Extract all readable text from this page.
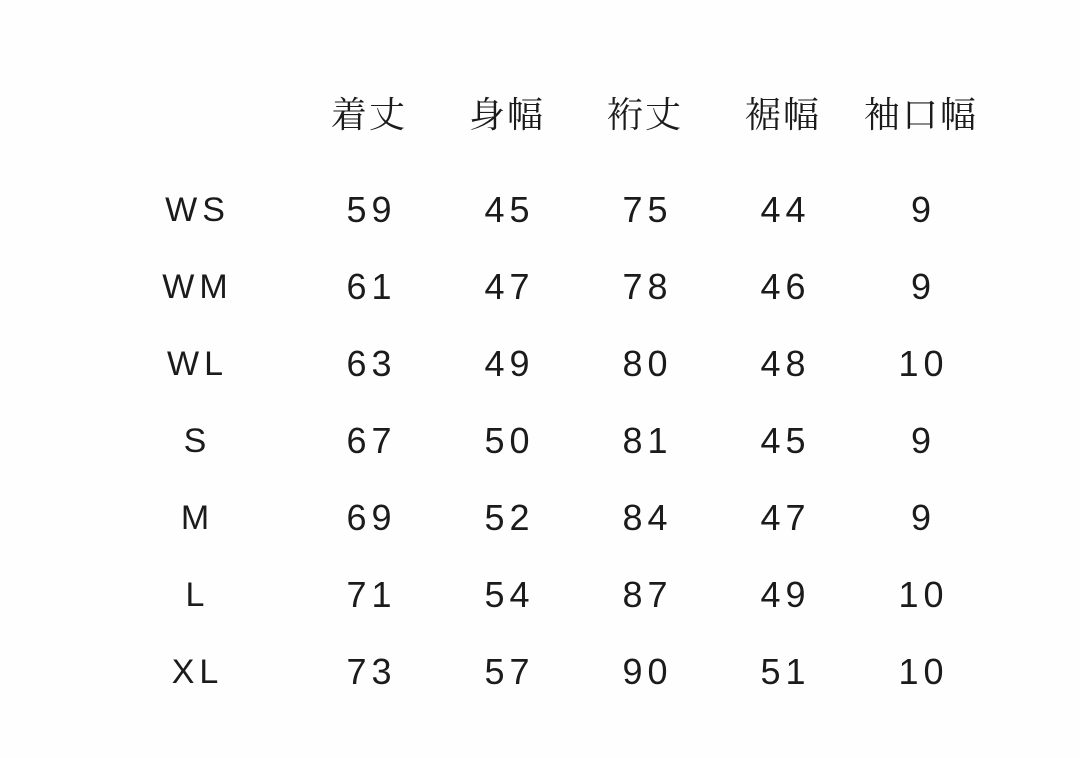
	着丈	身幅	裄丈	裾幅	袖口幅
WS	59	45	75	44	9
WM	61	47	78	46	9
WL	63	49	80	48	10
S	67	50	81	45	9
M	69	52	84	47	9
L	71	54	87	49	10
XL	73	57	90	51	10
